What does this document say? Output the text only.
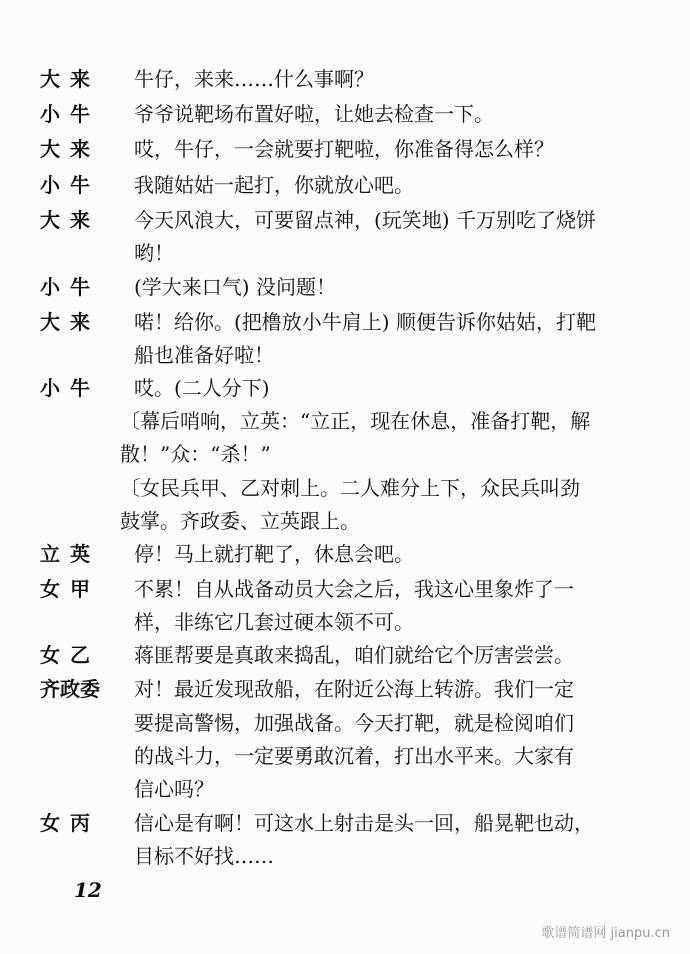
大来	牛仔，来来……什么事啊？
小牛	爷爷说靶场布置好啦，让她去检查一下。
大来	哎，牛仔，一会就要打靶啦，你准备得怎么样？
小牛	我随姑姑一起打，你就放心吧。
大来	今天风浪大，可要留点神，(玩笑地) 千万别吃了烧饼
哟！
小牛	(学大来口气) 没问题！
大来	喏！给你。(把橹放小牛肩上) 顺便告诉你姑姑，打靶
船也准备好啦！
小牛	哎。(二人分下)
〔幕后哨响，立英：“立正，现在休息，准备打靶，解
散！”众：“杀！”
〔女民兵甲、乙对刺上。二人难分上下，众民兵叫劲
鼓掌。齐政委、立英跟上。
立英	停！马上就打靶了，休息会吧。
女甲	不累！自从战备动员大会之后，我这心里象炸了一
样，非练它几套过硬本领不可。
女乙	蒋匪帮要是真敢来捣乱，咱们就给它个厉害尝尝。
齐政委	对！最近发现敌船，在附近公海上转游。我们一定
要提高警惕，加强战备。今天打靶，就是检阅咱们
的战斗力，一定要勇敢沉着，打出水平来。大家有
信心吗？
女丙	信心是有啊！可这水上射击是头一回，船晃靶也动，
目标不好找……
12
歌谱简谱网 jianpu.cn
